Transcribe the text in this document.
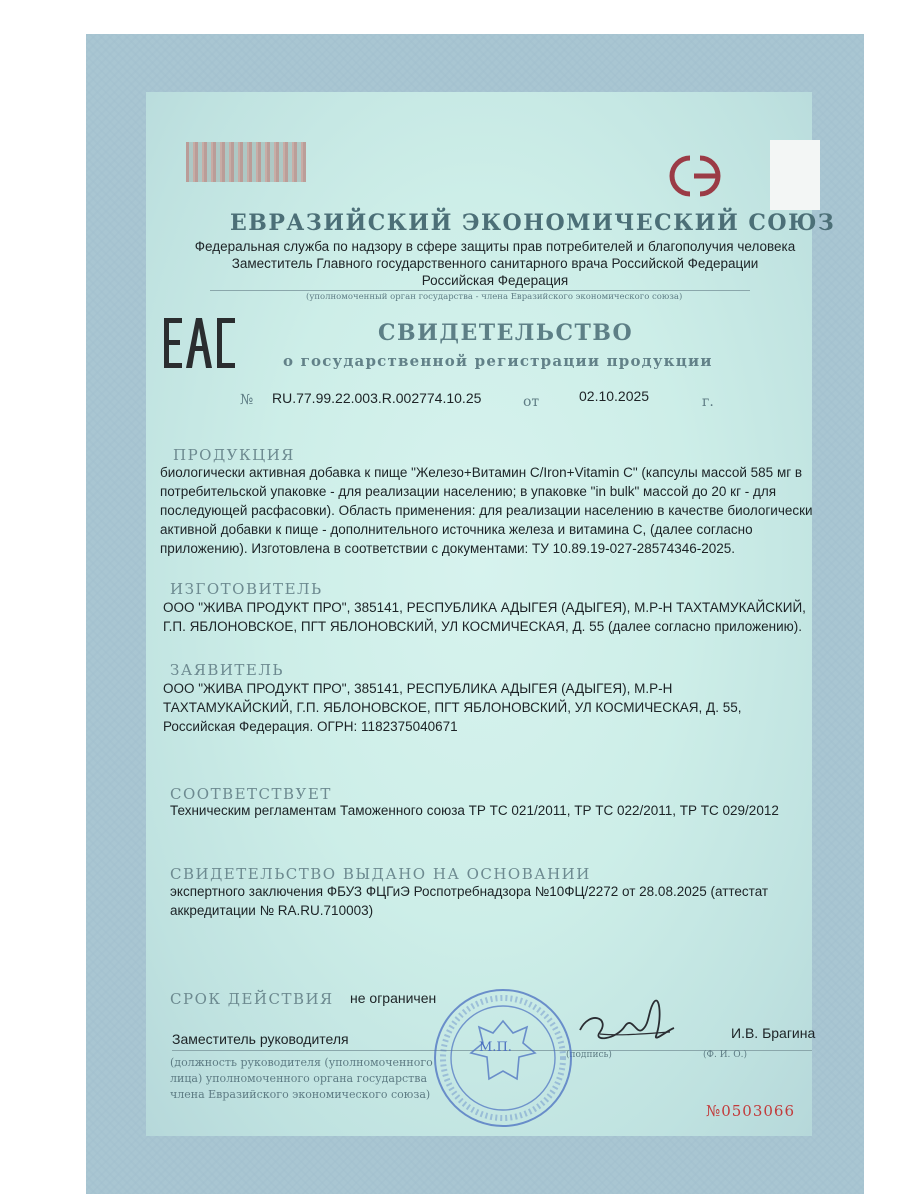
ЕВРАЗИЙСКИЙ ЭКОНОМИЧЕСКИЙ СОЮЗ
Федеральная служба по надзору в сфере защиты прав потребителей и благополучия человека
Заместитель Главного государственного санитарного врача Российской Федерации
Российская Федерация
(уполномоченный орган государства - члена Евразийского экономического союза)
СВИДЕТЕЛЬСТВО
о государственной регистрации продукции
№ RU.77.99.22.003.R.002774.10.25	от	02.10.2025	г.
ПРОДУКЦИЯ
биологически активная добавка к пище "Железо+Витамин C/Iron+Vitamin C" (капсулы массой 585 мг в потребительской упаковке - для реализации населению; в упаковке "in bulk" массой до 20 кг - для последующей расфасовки). Область применения: для реализации населению в качестве биологически активной добавки к пище - дополнительного источника железа и витамина С, (далее согласно приложению). Изготовлена в соответствии с документами: ТУ 10.89.19-027-28574346-2025.
ИЗГОТОВИТЕЛЬ
ООО "ЖИВА ПРОДУКТ ПРО", 385141, РЕСПУБЛИКА АДЫГЕЯ (АДЫГЕЯ), М.Р-Н ТАХТАМУКАЙСКИЙ, Г.П. ЯБЛОНОВСКОЕ, ПГТ ЯБЛОНОВСКИЙ, УЛ КОСМИЧЕСКАЯ, Д. 55 (далее согласно приложению).
ЗАЯВИТЕЛЬ
ООО "ЖИВА ПРОДУКТ ПРО", 385141, РЕСПУБЛИКА АДЫГЕЯ (АДЫГЕЯ), М.Р-Н ТАХТАМУКАЙСКИЙ, Г.П. ЯБЛОНОВСКОЕ, ПГТ ЯБЛОНОВСКИЙ, УЛ КОСМИЧЕСКАЯ, Д. 55, Российская Федерация. ОГРН: 1182375040671
СООТВЕТСТВУЕТ
Техническим регламентам Таможенного союза ТР ТС 021/2011, ТР ТС 022/2011, ТР ТС 029/2012
СВИДЕТЕЛЬСТВО ВЫДАНО НА ОСНОВАНИИ
экспертного заключения ФБУЗ ФЦГиЭ Роспотребнадзора №10ФЦ/2272 от 28.08.2025 (аттестат аккредитации № RA.RU.710003)
СРОК ДЕЙСТВИЯ не ограничен
Заместитель руководителя	И.В. Брагина
(должность руководителя (уполномоченного
лица) уполномоченного органа государства
члена Евразийского экономического союза)
(подпись)	(Ф. И. О.)
М.П.
№0503066
